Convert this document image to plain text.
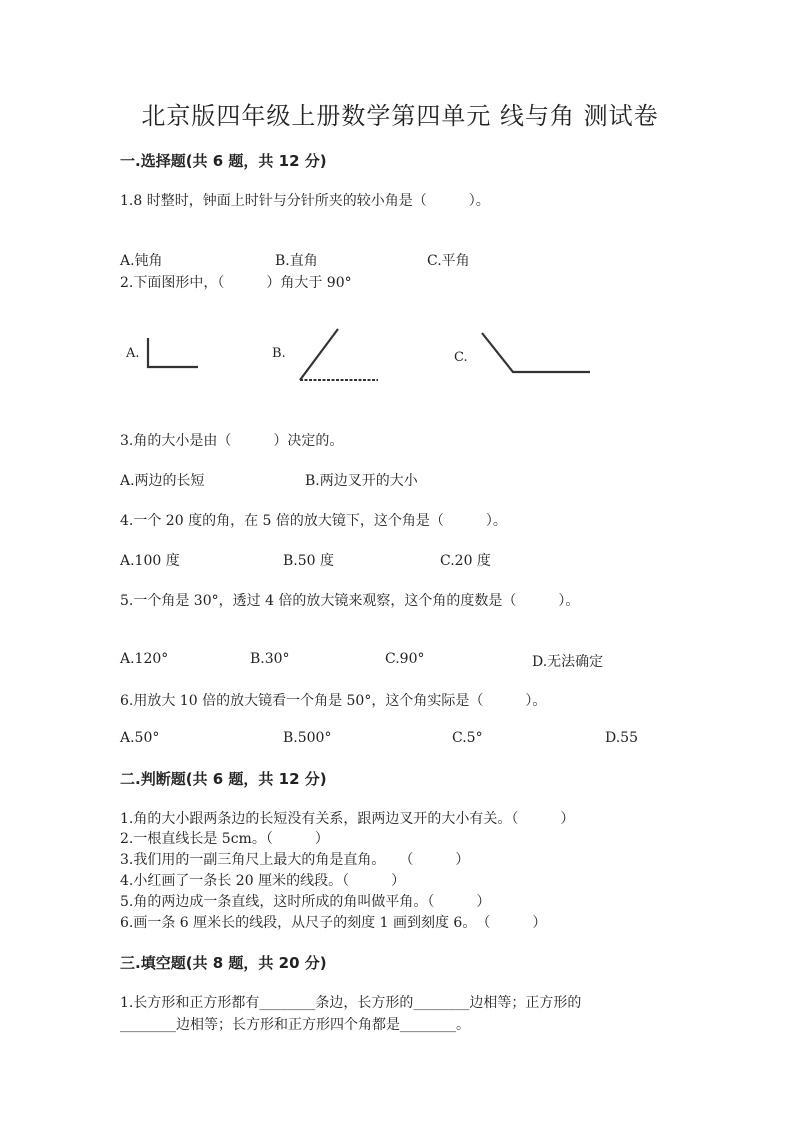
北京版四年级上册数学第四单元 线与角 测试卷
一.选择题(共 6 题，共 12 分)
1.8 时整时，钟面上时针与分针所夹的较小角是（　　　）。
A.钝角	B.直角	C.平角
2.下面图形中，（　　　）角大于 90°
A.	B.	C.
3.角的大小是由（　　　）决定的。
A.两边的长短	B.两边叉开的大小
4.一个 20 度的角，在 5 倍的放大镜下，这个角是（　　　）。
A.100 度	B.50 度	C.20 度
5.一个角是 30°，透过 4 倍的放大镜来观察，这个角的度数是（　　　）。
A.120°	B.30°	C.90°	D.无法确定
6.用放大 10 倍的放大镜看一个角是 50°，这个角实际是（　　　）。
A.50°	B.500°	C.5°	D.55
二.判断题(共 6 题，共 12 分)
1.角的大小跟两条边的长短没有关系，跟两边叉开的大小有关。（　　　）
2.一根直线长是 5cm。（　　　）
3.我们用的一副三角尺上最大的角是直角。　　（　　　）
4.小红画了一条长 20 厘米的线段。（　　　）
5.角的两边成一条直线，这时所成的角叫做平角。（　　　）
6.画一条 6 厘米长的线段，从尺子的刻度 1 画到刻度 6。　（　　　）
三.填空题(共 8 题，共 20 分)
1.长方形和正方形都有________条边，长方形的________边相等；正方形的
________边相等；长方形和正方形四个角都是________。
